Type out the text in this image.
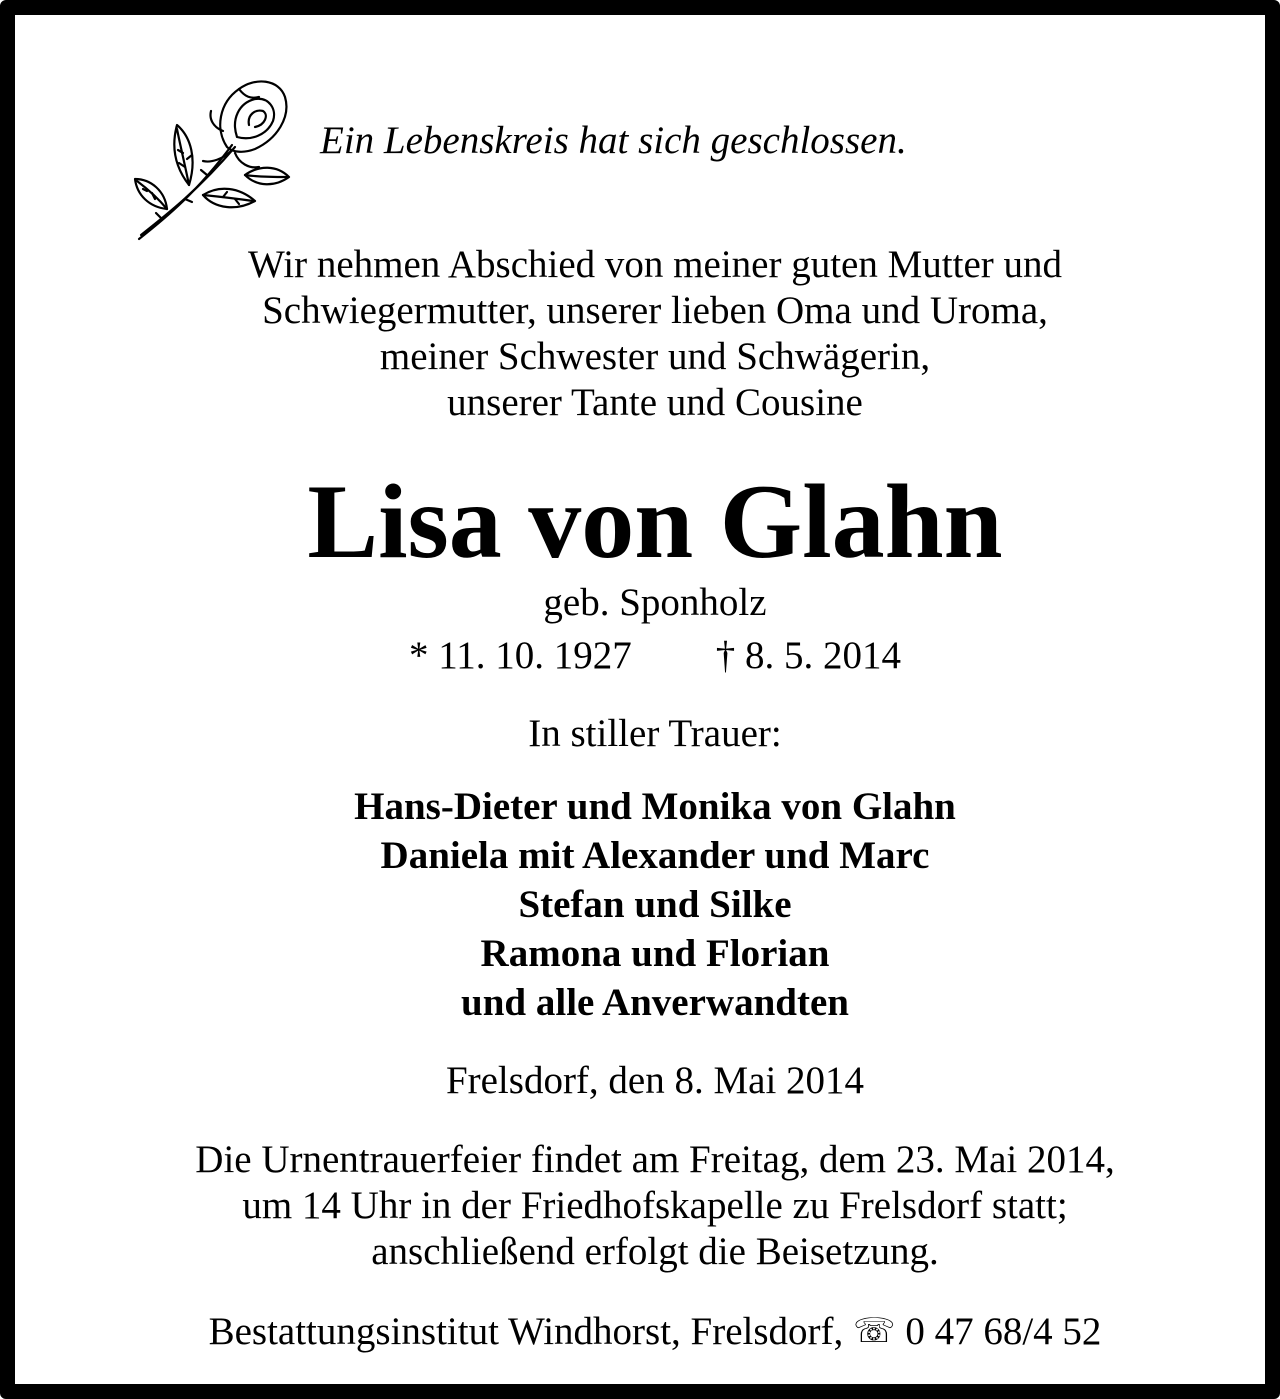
Ein Lebenskreis hat sich geschlossen.
Wir nehmen Abschied von meiner guten Mutter und
Schwiegermutter, unserer lieben Oma und Uroma,
meiner Schwester und Schwägerin,
unserer Tante und Cousine
Lisa von Glahn
geb. Sponholz
* 11. 10. 1927 † 8. 5. 2014
In stiller Trauer:
Hans-Dieter und Monika von Glahn
Daniela mit Alexander und Marc
Stefan und Silke
Ramona und Florian
und alle Anverwandten
Frelsdorf, den 8. Mai 2014
Die Urnentrauerfeier findet am Freitag, dem 23. Mai 2014,
um 14 Uhr in der Friedhofskapelle zu Frelsdorf statt;
anschließend erfolgt die Beisetzung.
Bestattungsinstitut Windhorst, Frelsdorf, ☏ 0 47 68/4 52
